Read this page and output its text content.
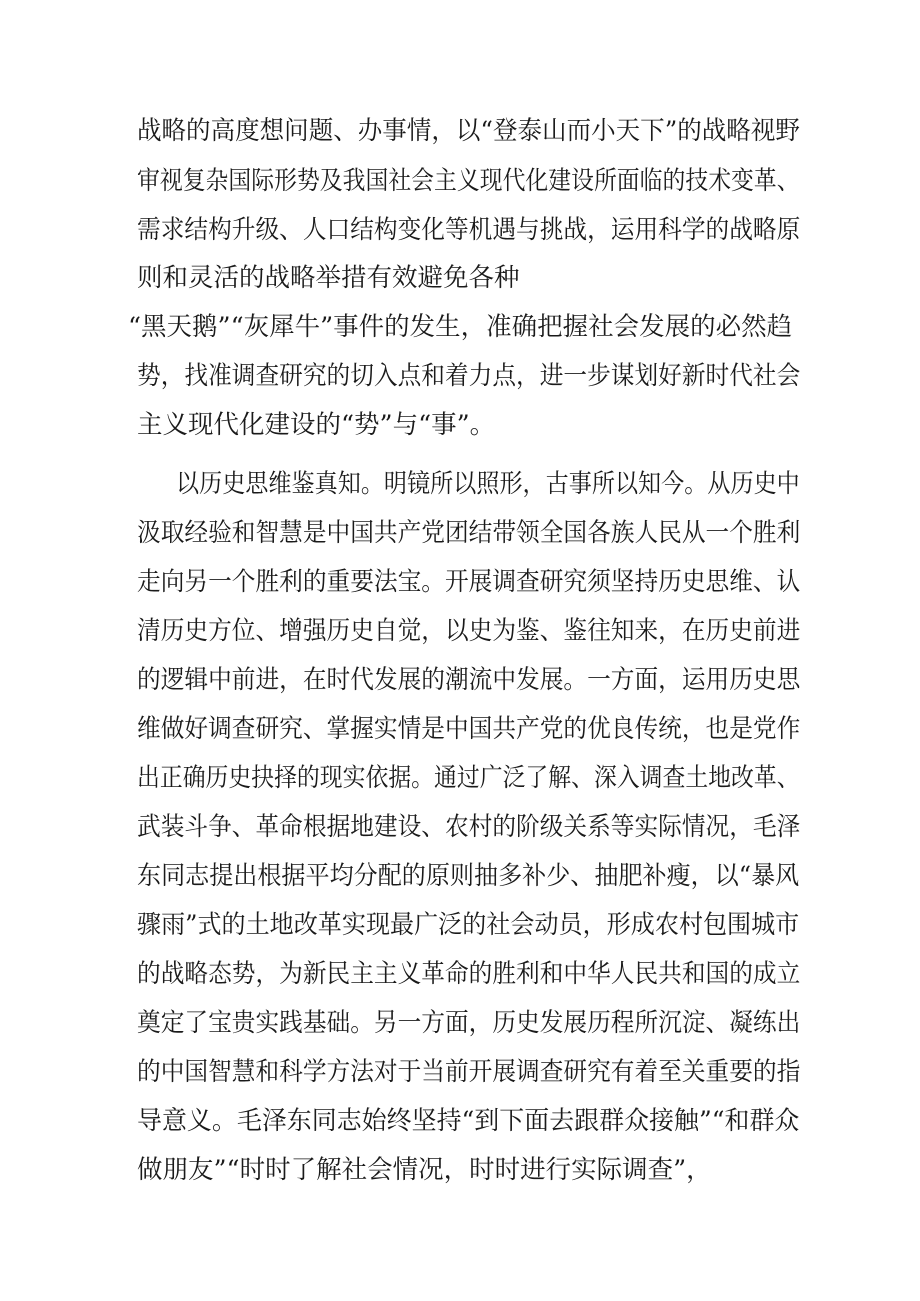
战略的高度想问题、办事情，以“登泰山而小天下”的战略视野
审视复杂国际形势及我国社会主义现代化建设所面临的技术变革、
需求结构升级、人口结构变化等机遇与挑战，运用科学的战略原
则和灵活的战略举措有效避免各种
“黑天鹅”“灰犀牛”事件的发生，准确把握社会发展的必然趋
势，找准调查研究的切入点和着力点，进一步谋划好新时代社会
主义现代化建设的“势”与“事”。
以历史思维鉴真知。明镜所以照形，古事所以知今。从历史中
汲取经验和智慧是中国共产党团结带领全国各族人民从一个胜利
走向另一个胜利的重要法宝。开展调查研究须坚持历史思维、认
清历史方位、增强历史自觉，以史为鉴、鉴往知来，在历史前进
的逻辑中前进，在时代发展的潮流中发展。一方面，运用历史思
维做好调查研究、掌握实情是中国共产党的优良传统，也是党作
出正确历史抉择的现实依据。通过广泛了解、深入调查土地改革、
武装斗争、革命根据地建设、农村的阶级关系等实际情况，毛泽
东同志提出根据平均分配的原则抽多补少、抽肥补瘦，以“暴风
骤雨”式的土地改革实现最广泛的社会动员，形成农村包围城市
的战略态势，为新民主主义革命的胜利和中华人民共和国的成立
奠定了宝贵实践基础。另一方面，历史发展历程所沉淀、凝练出
的中国智慧和科学方法对于当前开展调查研究有着至关重要的指
导意义。毛泽东同志始终坚持“到下面去跟群众接触”“和群众
做朋友”“时时了解社会情况，时时进行实际调查”，
